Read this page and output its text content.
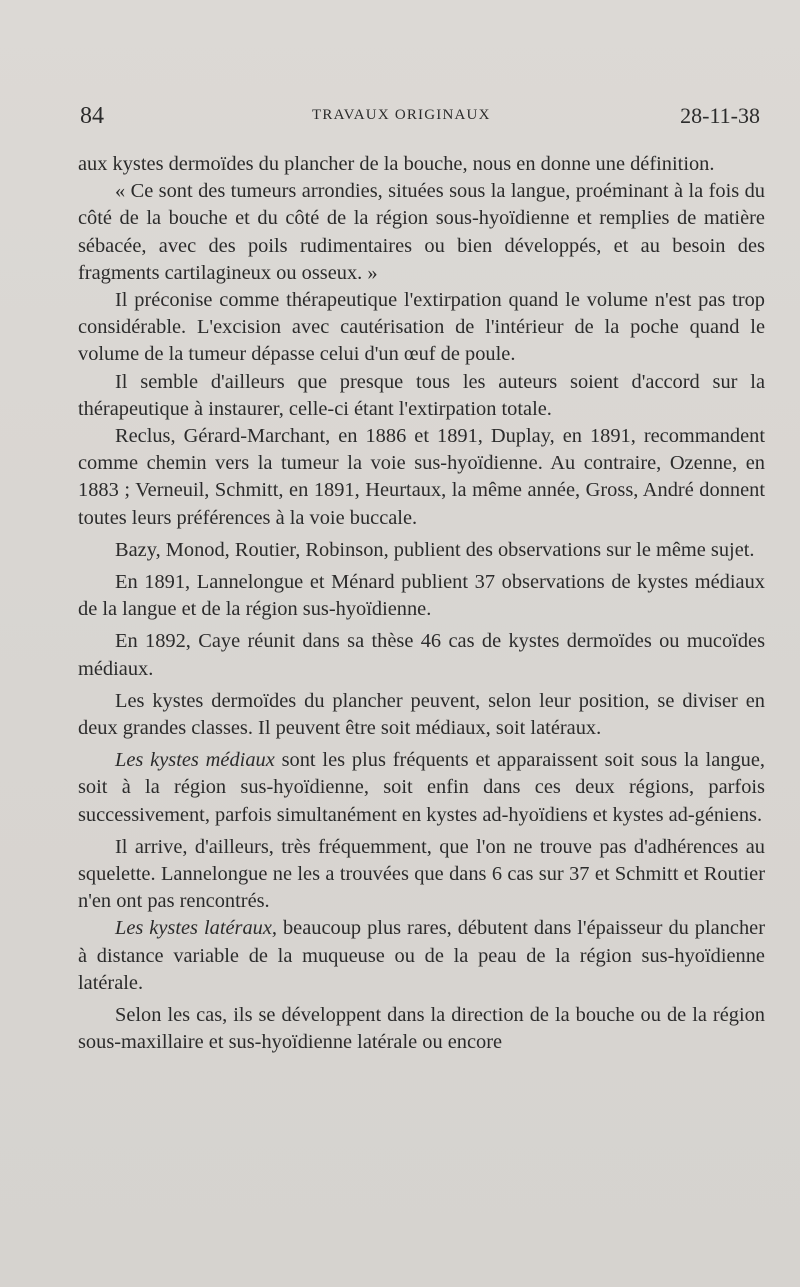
84	TRAVAUX ORIGINAUX	28-11-38

aux kystes dermoïdes du plancher de la bouche, nous en donne une définition.

« Ce sont des tumeurs arrondies, situées sous la langue, proéminant à la fois du côté de la bouche et du côté de la région sous-hyoïdienne et remplies de matière sébacée, avec des poils rudimentaires ou bien développés, et au besoin des fragments cartilagineux ou osseux. »

Il préconise comme thérapeutique l'extirpation quand le volume n'est pas trop considérable. L'excision avec cautérisation de l'intérieur de la poche quand le volume de la tumeur dépasse celui d'un œuf de poule.

Il semble d'ailleurs que presque tous les auteurs soient d'accord sur la thérapeutique à instaurer, celle-ci étant l'extirpation totale.

Reclus, Gérard-Marchant, en 1886 et 1891, Duplay, en 1891, recommandent comme chemin vers la tumeur la voie sus-hyoïdienne. Au contraire, Ozenne, en 1883 ; Verneuil, Schmitt, en 1891, Heurtaux, la même année, Gross, André donnent toutes leurs préférences à la voie buccale.

Bazy, Monod, Routier, Robinson, publient des observations sur le même sujet.

En 1891, Lannelongue et Ménard publient 37 observations de kystes médiaux de la langue et de la région sus-hyoïdienne.

En 1892, Caye réunit dans sa thèse 46 cas de kystes dermoïdes ou mucoïdes médiaux.

Les kystes dermoïdes du plancher peuvent, selon leur position, se diviser en deux grandes classes. Il peuvent être soit médiaux, soit latéraux.

Les kystes médiaux sont les plus fréquents et apparaissent soit sous la langue, soit à la région sus-hyoïdienne, soit enfin dans ces deux régions, parfois successivement, parfois simultanément en kystes ad-hyoïdiens et kystes ad-géniens.

Il arrive, d'ailleurs, très fréquemment, que l'on ne trouve pas d'adhérences au squelette. Lannelongue ne les a trouvées que dans 6 cas sur 37 et Schmitt et Routier n'en ont pas rencontrés.

Les kystes latéraux, beaucoup plus rares, débutent dans l'épaisseur du plancher à distance variable de la muqueuse ou de la peau de la région sus-hyoïdienne latérale.

Selon les cas, ils se développent dans la direction de la bouche ou de la région sous-maxillaire et sus-hyoïdienne latérale ou encore
